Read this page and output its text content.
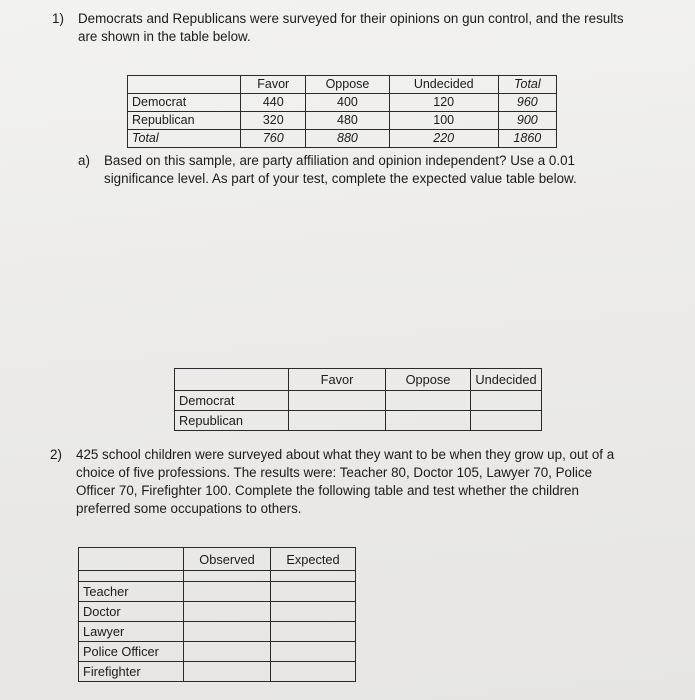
1) Democrats and Republicans were surveyed for their opinions on gun control, and the results
are shown in the table below.
	Favor	Oppose	Undecided	Total
Democrat	440	400	120	960
Republican	320	480	100	900
Total	760	880	220	1860
a) Based on this sample, are party affiliation and opinion independent? Use a 0.01
significance level. As part of your test, complete the expected value table below.
	Favor	Oppose	Undecided
Democrat			
Republican			
2) 425 school children were surveyed about what they want to be when they grow up, out of a
choice of five professions. The results were: Teacher 80, Doctor 105, Lawyer 70, Police
Officer 70, Firefighter 100. Complete the following table and test whether the children
preferred some occupations to others.
	Observed	Expected

Teacher		
Doctor		
Lawyer		
Police Officer		
Firefighter		
